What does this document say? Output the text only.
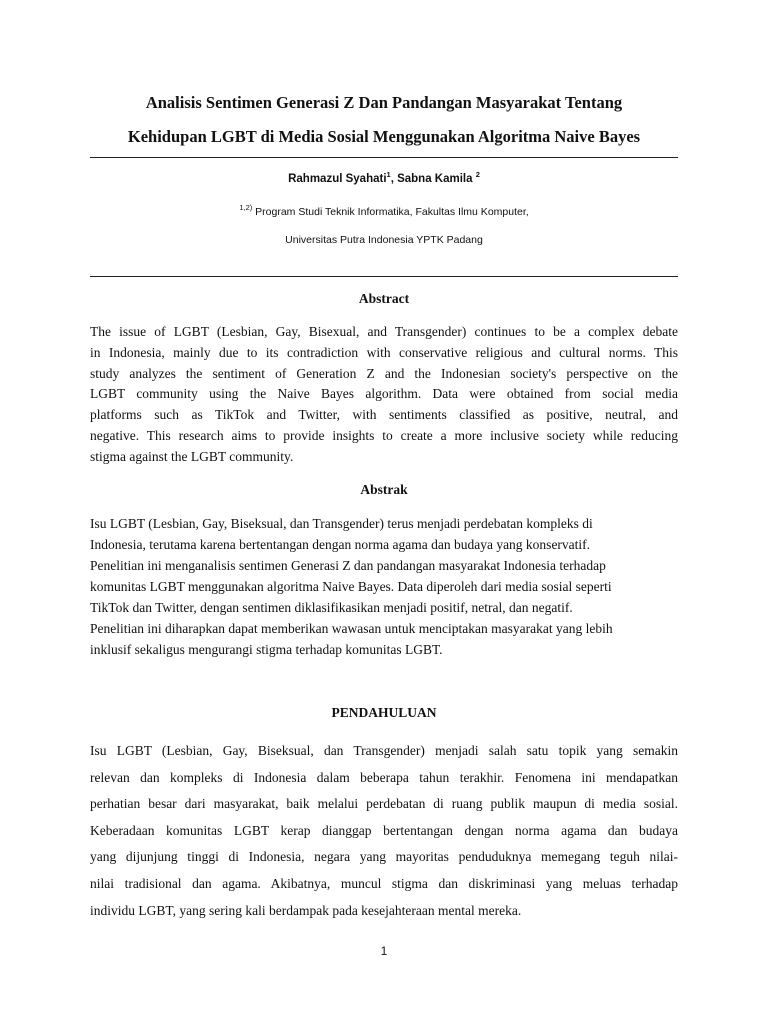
Analisis Sentimen Generasi Z Dan Pandangan Masyarakat Tentang
Kehidupan LGBT di Media Sosial Menggunakan Algoritma Naive Bayes
Rahmazul Syahati$^1$, Sabna Kamila $^2$
$^{1,2)}$ Program Studi Teknik Informatika, Fakultas Ilmu Komputer,
Universitas Putra Indonesia YPTK Padang
Abstract
The issue of LGBT (Lesbian, Gay, Bisexual, and Transgender) continues to be a complex debate
in Indonesia, mainly due to its contradiction with conservative religious and cultural norms. This
study analyzes the sentiment of Generation Z and the Indonesian society's perspective on the
LGBT community using the Naive Bayes algorithm. Data were obtained from social media
platforms such as TikTok and Twitter, with sentiments classified as positive, neutral, and
negative. This research aims to provide insights to create a more inclusive society while reducing
stigma against the LGBT community.
Abstrak
Isu LGBT (Lesbian, Gay, Biseksual, dan Transgender) terus menjadi perdebatan kompleks di
Indonesia, terutama karena bertentangan dengan norma agama dan budaya yang konservatif.
Penelitian ini menganalisis sentimen Generasi Z dan pandangan masyarakat Indonesia terhadap
komunitas LGBT menggunakan algoritma Naive Bayes. Data diperoleh dari media sosial seperti
TikTok dan Twitter, dengan sentimen diklasifikasikan menjadi positif, netral, dan negatif.
Penelitian ini diharapkan dapat memberikan wawasan untuk menciptakan masyarakat yang lebih
inklusif sekaligus mengurangi stigma terhadap komunitas LGBT.
PENDAHULUAN
Isu LGBT (Lesbian, Gay, Biseksual, dan Transgender) menjadi salah satu topik yang semakin
relevan dan kompleks di Indonesia dalam beberapa tahun terakhir. Fenomena ini mendapatkan
perhatian besar dari masyarakat, baik melalui perdebatan di ruang publik maupun di media sosial.
Keberadaan komunitas LGBT kerap dianggap bertentangan dengan norma agama dan budaya
yang dijunjung tinggi di Indonesia, negara yang mayoritas penduduknya memegang teguh nilai-
nilai tradisional dan agama. Akibatnya, muncul stigma dan diskriminasi yang meluas terhadap
individu LGBT, yang sering kali berdampak pada kesejahteraan mental mereka.
1
